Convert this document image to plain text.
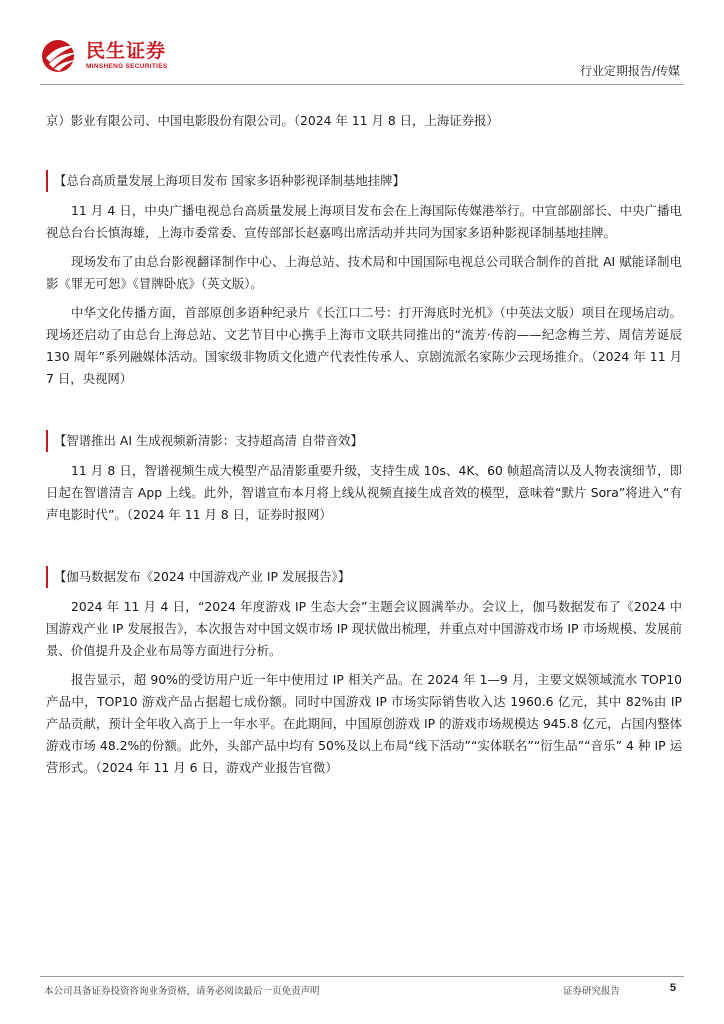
民生证券
MINSHENG SECURITIES	行业定期报告/传媒

京）影业有限公司、中国电影股份有限公司。（2024 年 11 月 8 日，上海证券报）

【总台高质量发展上海项目发布 国家多语种影视译制基地挂牌】

11 月 4 日，中央广播电视总台高质量发展上海项目发布会在上海国际传媒港举行。中宣部副部长、中央广播电视总台台长慎海雄，上海市委常委、宣传部部长赵嘉鸣出席活动并共同为国家多语种影视译制基地挂牌。

现场发布了由总台影视翻译制作中心、上海总站、技术局和中国国际电视总公司联合制作的首批 AI 赋能译制电影《罪无可恕》《冒牌卧底》（英文版）。

中华文化传播方面，首部原创多语种纪录片《长江口二号：打开海底时光机》（中英法文版）项目在现场启动。现场还启动了由总台上海总站、文艺节目中心携手上海市文联共同推出的“流芳·传韵——纪念梅兰芳、周信芳诞辰 130 周年”系列融媒体活动。国家级非物质文化遗产代表性传承人、京剧流派名家陈少云现场推介。（2024 年 11 月 7 日，央视网）

【智谱推出 AI 生成视频新清影：支持超高清 自带音效】

11 月 8 日，智谱视频生成大模型产品清影重要升级，支持生成 10s、4K、60 帧超高清以及人物表演细节，即日起在智谱清言 App 上线。此外，智谱宣布本月将上线从视频直接生成音效的模型，意味着“默片 Sora”将进入“有声电影时代”。（2024 年 11 月 8 日，证券时报网）

【伽马数据发布《2024 中国游戏产业 IP 发展报告》】

2024 年 11 月 4 日，“2024 年度游戏 IP 生态大会”主题会议圆满举办。会议上，伽马数据发布了《2024 中国游戏产业 IP 发展报告》，本次报告对中国文娱市场 IP 现状做出梳理，并重点对中国游戏市场 IP 市场规模、发展前景、价值提升及企业布局等方面进行分析。

报告显示，超 90%的受访用户近一年中使用过 IP 相关产品。在 2024 年 1—9 月，主要文娱领域流水 TOP10 产品中，TOP10 游戏产品占据超七成份额。同时中国游戏 IP 市场实际销售收入达 1960.6 亿元，其中 82%由 IP 产品贡献，预计全年收入高于上一年水平。在此期间，中国原创游戏 IP 的游戏市场规模达 945.8 亿元，占国内整体游戏市场 48.2%的份额。此外，头部产品中均有 50%及以上布局“线下活动”“实体联名”“衍生品”“音乐” 4 种 IP 运营形式。（2024 年 11 月 6 日，游戏产业报告官微）

本公司具备证券投资咨询业务资格，请务必阅读最后一页免责声明	证券研究报告	5
